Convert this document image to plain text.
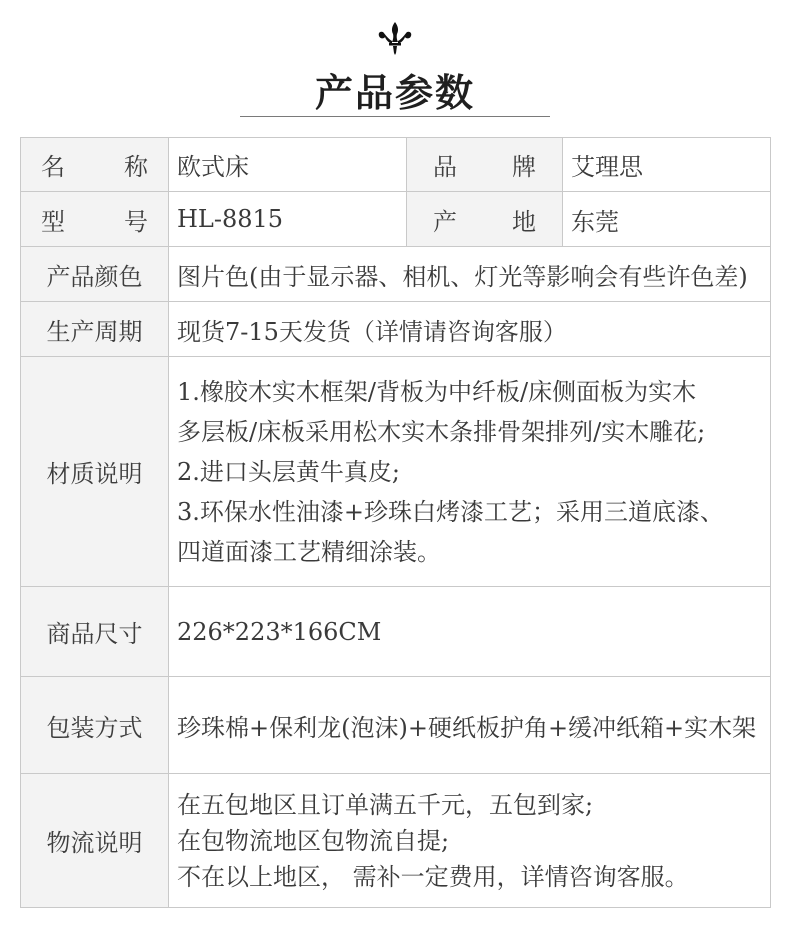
产品参数
名 称	欧式床	品 牌	艾理思

型 号	HL-8815	产 地	东莞
产品颜色	图片色(由于显示器、相机、灯光等影响会有些许色差)		
生产周期	现货7-15天发货（详情请咨询客服）		
材质说明	1.橡胶木实木框架/背板为中纤板/床侧面板为实木
多层板/床板采用松木实木条排骨架排列/实木雕花;
2.进口头层黄牛真皮;
3.环保水性油漆+珍珠白烤漆工艺；采用三道底漆、
四道面漆工艺精细涂装。		

商品尺寸	226*223*166CM		
包装方式	珍珠棉+保利龙(泡沫)+硬纸板护角+缓冲纸箱+实木架		
物流说明	在五包地区且订单满五千元，五包到家;
在包物流地区包物流自提;
不在以上地区， 需补一定费用，详情咨询客服。		
